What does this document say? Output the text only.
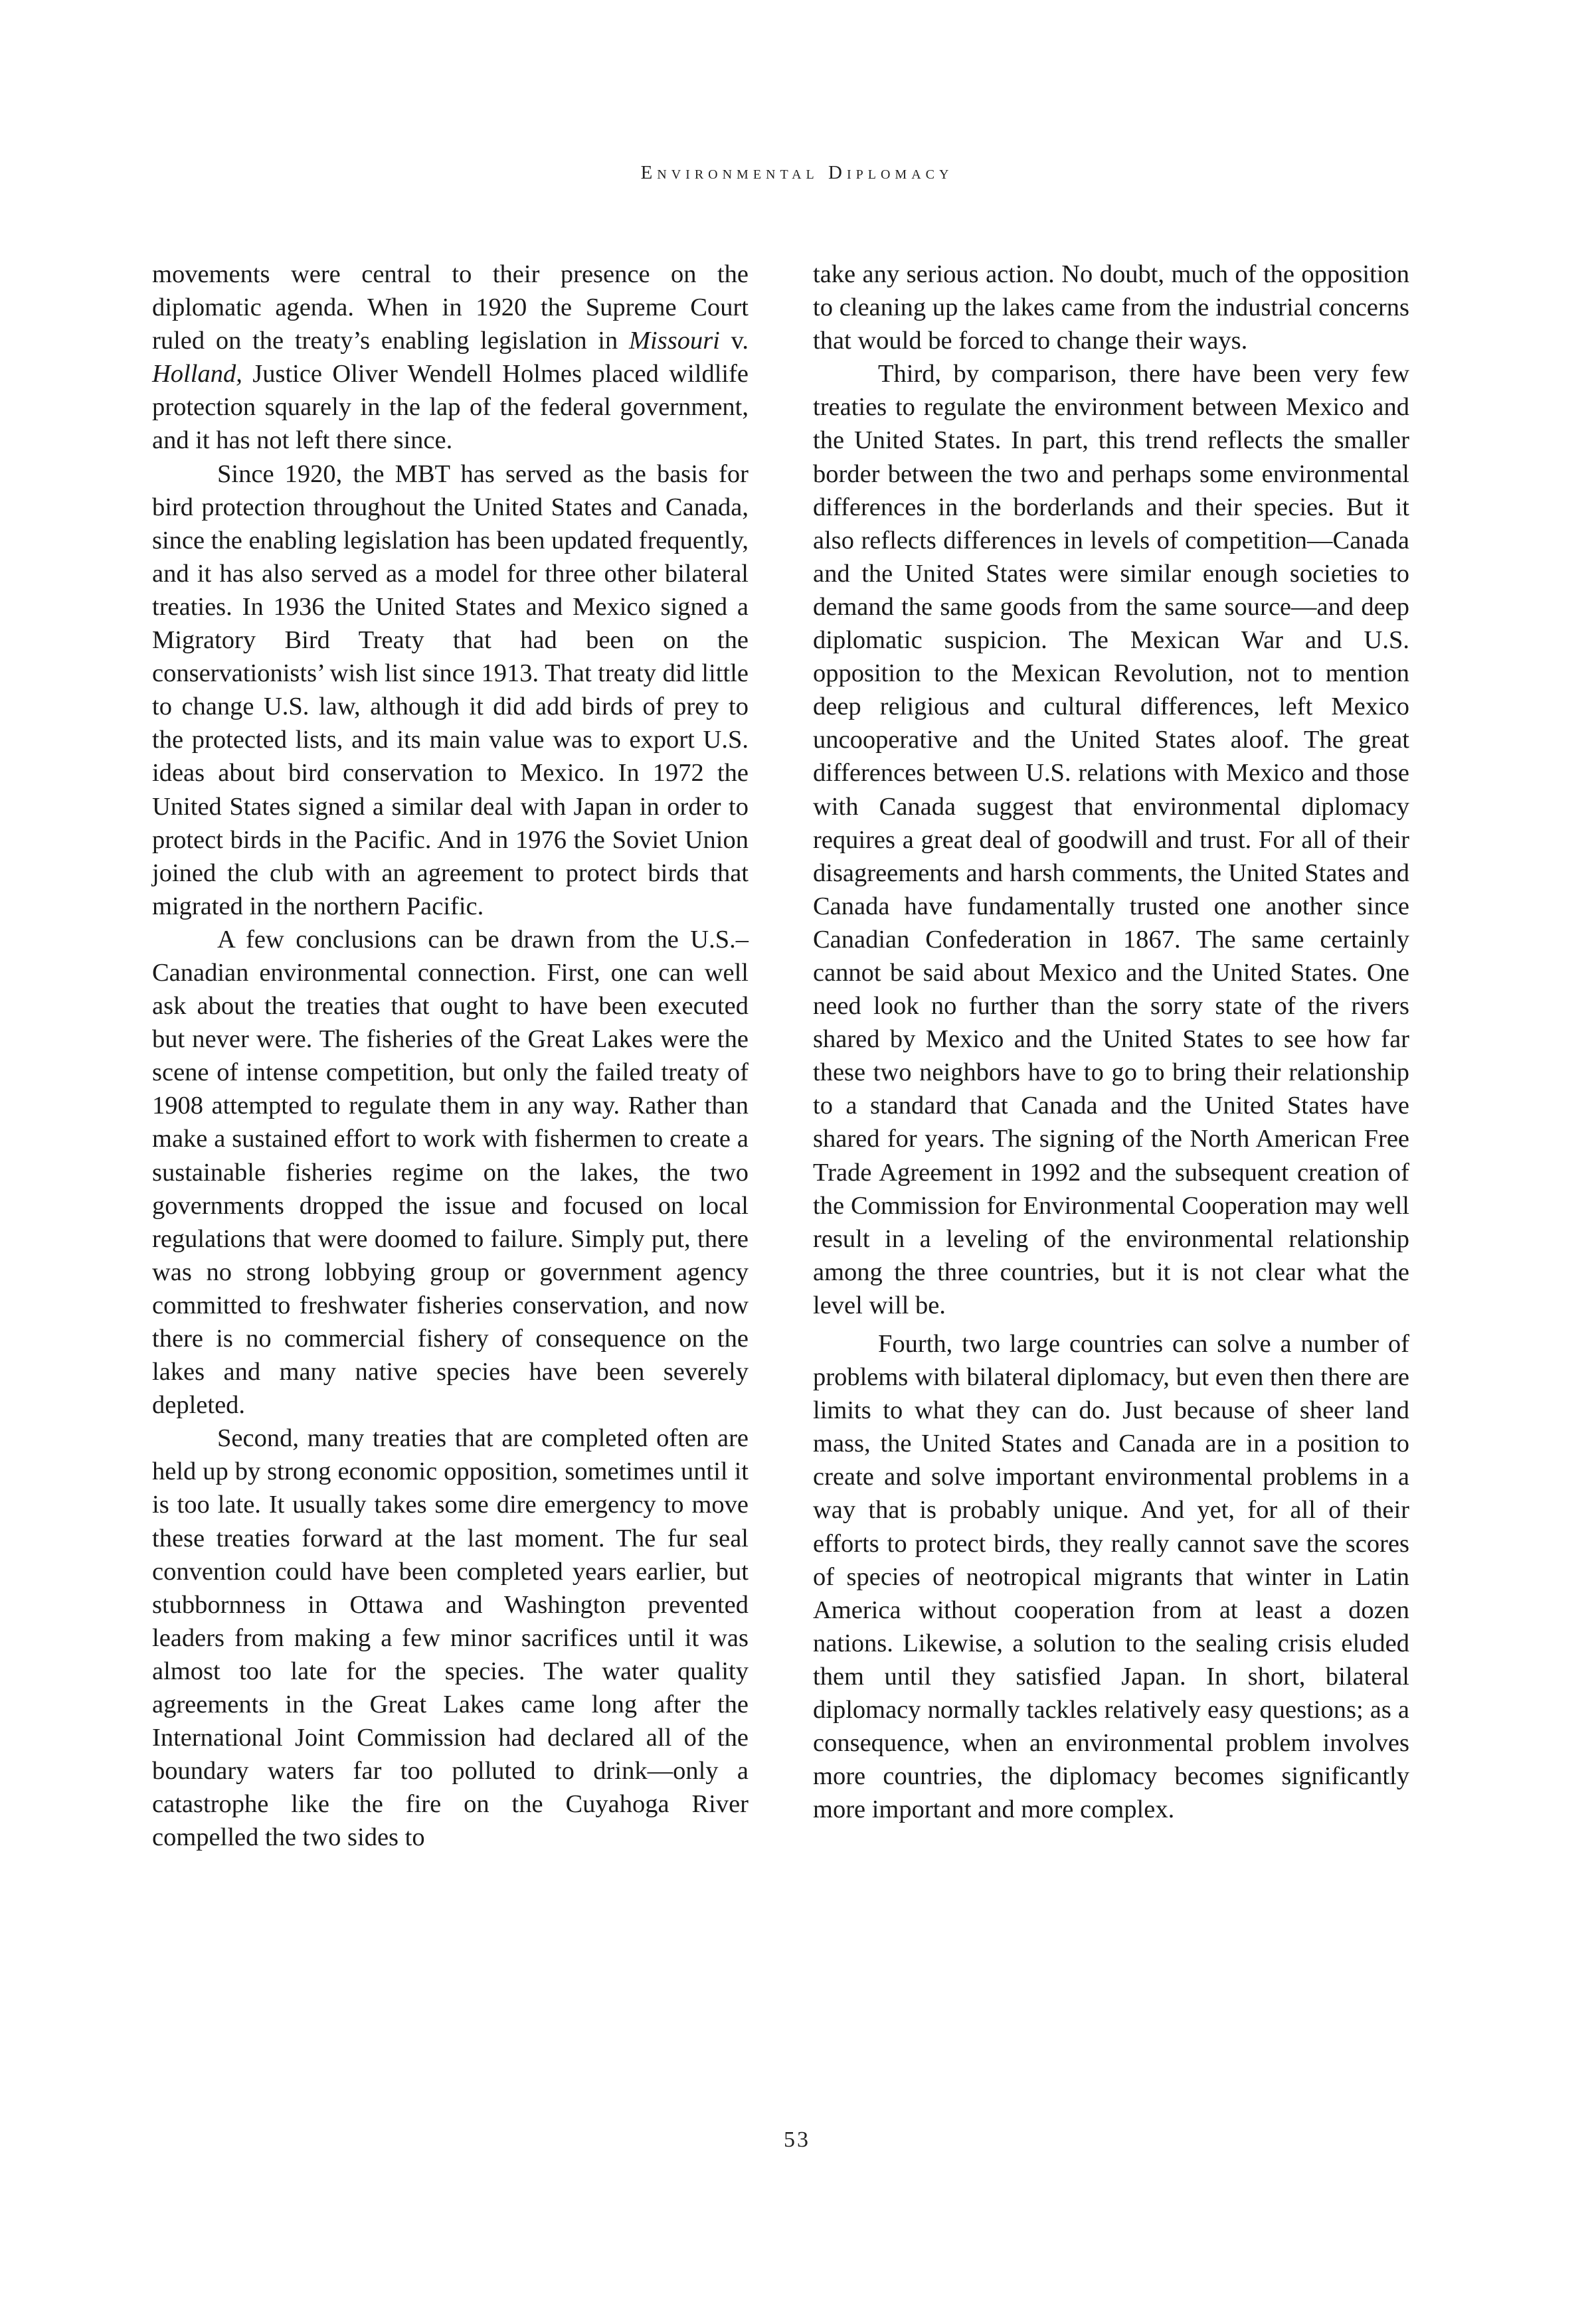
Environmental Diplomacy

movements were central to their presence on the diplomatic agenda. When in 1920 the Supreme Court ruled on the treaty’s enabling legislation in Missouri v. Holland, Justice Oliver Wendell Holmes placed wildlife protection squarely in the lap of the federal government, and it has not left there since.

Since 1920, the MBT has served as the basis for bird protection throughout the United States and Canada, since the enabling legislation has been updated frequently, and it has also served as a model for three other bilateral treaties. In 1936 the United States and Mexico signed a Migratory Bird Treaty that had been on the conservationists’ wish list since 1913. That treaty did little to change U.S. law, although it did add birds of prey to the protected lists, and its main value was to export U.S. ideas about bird conservation to Mexico. In 1972 the United States signed a similar deal with Japan in order to protect birds in the Pacific. And in 1976 the Soviet Union joined the club with an agreement to protect birds that migrated in the northern Pacific.

A few conclusions can be drawn from the U.S.–Canadian environmental connection. First, one can well ask about the treaties that ought to have been executed but never were. The fisheries of the Great Lakes were the scene of intense competition, but only the failed treaty of 1908 attempted to regulate them in any way. Rather than make a sustained effort to work with fishermen to create a sustainable fisheries regime on the lakes, the two governments dropped the issue and focused on local regulations that were doomed to failure. Simply put, there was no strong lobbying group or government agency committed to freshwater fisheries conservation, and now there is no commercial fishery of consequence on the lakes and many native species have been severely depleted.

Second, many treaties that are completed often are held up by strong economic opposition, sometimes until it is too late. It usually takes some dire emergency to move these treaties forward at the last moment. The fur seal convention could have been completed years earlier, but stubbornness in Ottawa and Washington prevented leaders from making a few minor sacrifices until it was almost too late for the species. The water quality agreements in the Great Lakes came long after the International Joint Commission had declared all of the boundary waters far too polluted to drink—only a catastrophe like the fire on the Cuyahoga River compelled the two sides to

take any serious action. No doubt, much of the opposition to cleaning up the lakes came from the industrial concerns that would be forced to change their ways.

Third, by comparison, there have been very few treaties to regulate the environment between Mexico and the United States. In part, this trend reflects the smaller border between the two and perhaps some environmental differences in the borderlands and their species. But it also reflects differences in levels of competition—Canada and the United States were similar enough societies to demand the same goods from the same source—and deep diplomatic suspicion. The Mexican War and U.S. opposition to the Mexican Revolution, not to mention deep religious and cultural differences, left Mexico uncooperative and the United States aloof. The great differences between U.S. relations with Mexico and those with Canada suggest that environmental diplomacy requires a great deal of goodwill and trust. For all of their disagreements and harsh comments, the United States and Canada have fundamentally trusted one another since Canadian Confederation in 1867. The same certainly cannot be said about Mexico and the United States. One need look no further than the sorry state of the rivers shared by Mexico and the United States to see how far these two neighbors have to go to bring their relationship to a standard that Canada and the United States have shared for years. The signing of the North American Free Trade Agreement in 1992 and the subsequent creation of the Commission for Environmental Cooperation may well result in a leveling of the environmental relationship among the three countries, but it is not clear what the level will be.

Fourth, two large countries can solve a number of problems with bilateral diplomacy, but even then there are limits to what they can do. Just because of sheer land mass, the United States and Canada are in a position to create and solve important environmental problems in a way that is probably unique. And yet, for all of their efforts to protect birds, they really cannot save the scores of species of neotropical migrants that winter in Latin America without cooperation from at least a dozen nations. Likewise, a solution to the sealing crisis eluded them until they satisfied Japan. In short, bilateral diplomacy normally tackles relatively easy questions; as a consequence, when an environmental problem involves more countries, the diplomacy becomes significantly more important and more complex.

53
